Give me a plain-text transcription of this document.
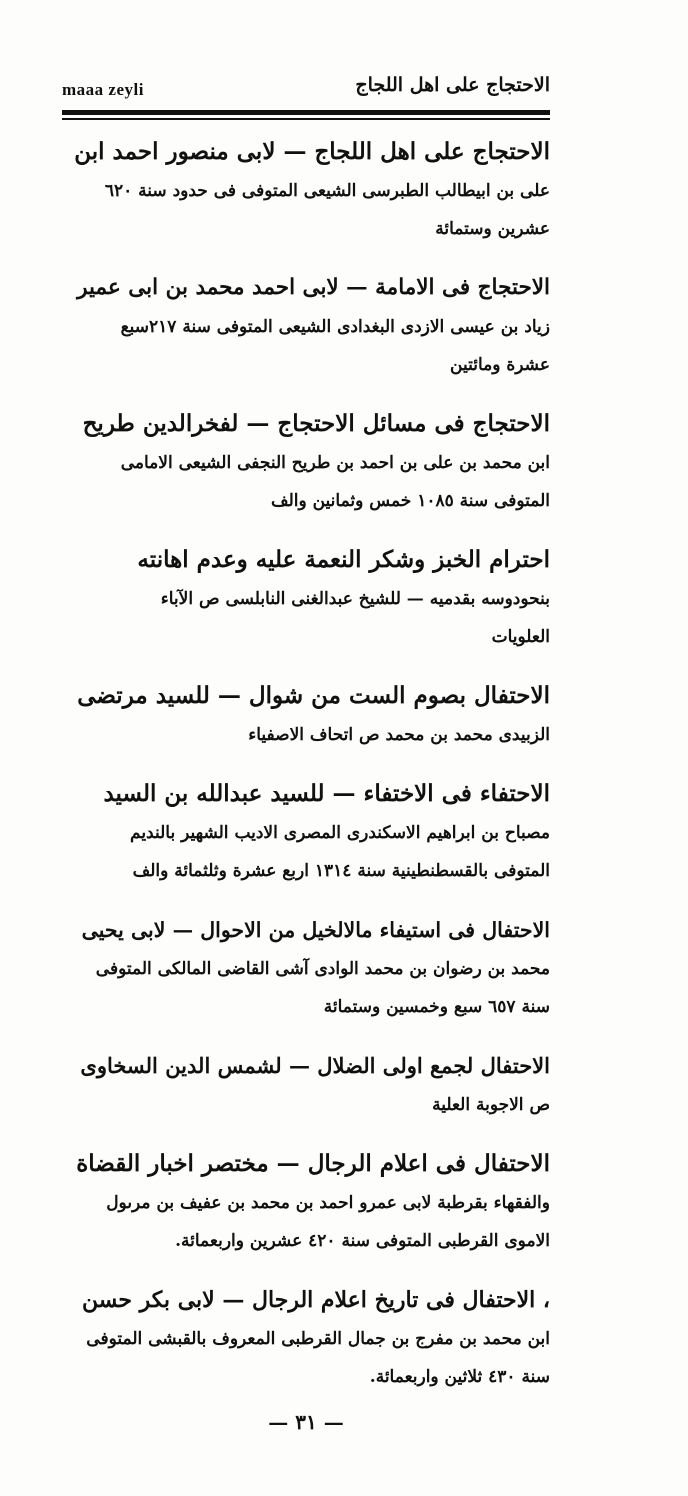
maaa zeyli	الاحتجاج على اهل اللجاج

الاحتجاج على اهل اللجاج — لابى منصور احمد ابن

على بن ابيطالب الطبرسى الشيعى المتوفى فى حدود سنة ٦٢٠

عشرين وستمائة

الاحتجاج فى الامامة — لابى احمد محمد بن ابى عمير

زياد بن عيسى الازدى البغدادى الشيعى المتوفى سنة ٢١٧سبع

عشرة ومائتين

الاحتجاج فى مسائل الاحتجاج — لفخرالدين طريح

ابن محمد بن على بن احمد بن طريح النجفى الشيعى الامامى

المتوفى سنة ١٠٨٥ خمس وثمانين والف

احترام الخبز وشكر النعمة عليه وعدم اهانته

بنحودوسه بقدميه — للشيخ عبدالغنى النابلسى ص الآباء

العلويات

الاحتفال بصوم الست من شوال — للسيد مرتضى

الزبيدى محمد بن محمد ص اتحاف الاصفياء

الاحتفاء فى الاختفاء — للسيد عبدالله بن السيد

مصباح بن ابراهيم الاسكندرى المصرى الاديب الشهير بالنديم

المتوفى بالقسطنطينية سنة ١٣١٤ اربع عشرة وثلثمائة والف

الاحتفال فى استيفاء مالالخيل من الاحوال — لابى يحيى

محمد بن رضوان بن محمد الوادى آشى القاضى المالكى المتوفى

سنة ٦٥٧ سبع وخمسين وستمائة

الاحتفال لجمع اولى الضلال — لشمس الدين السخاوى

ص الاجوبة العلية

الاحتفال فى اعلام الرجال — مختصر اخبار القضاة

والفقهاء بقرطبة لابى عمرو احمد بن محمد بن عفيف بن مرىول

الاموى القرطبى المتوفى سنة ٤٢٠ عشرين واربعمائة.

، الاحتفال فى تاريخ اعلام الرجال — لابى بكر حسن

ابن محمد بن مفرج بن جمال القرطبى المعروف بالقبشى المتوفى

سنة ٤٣٠ ثلاثين واربعمائة.

— ٣١ —
